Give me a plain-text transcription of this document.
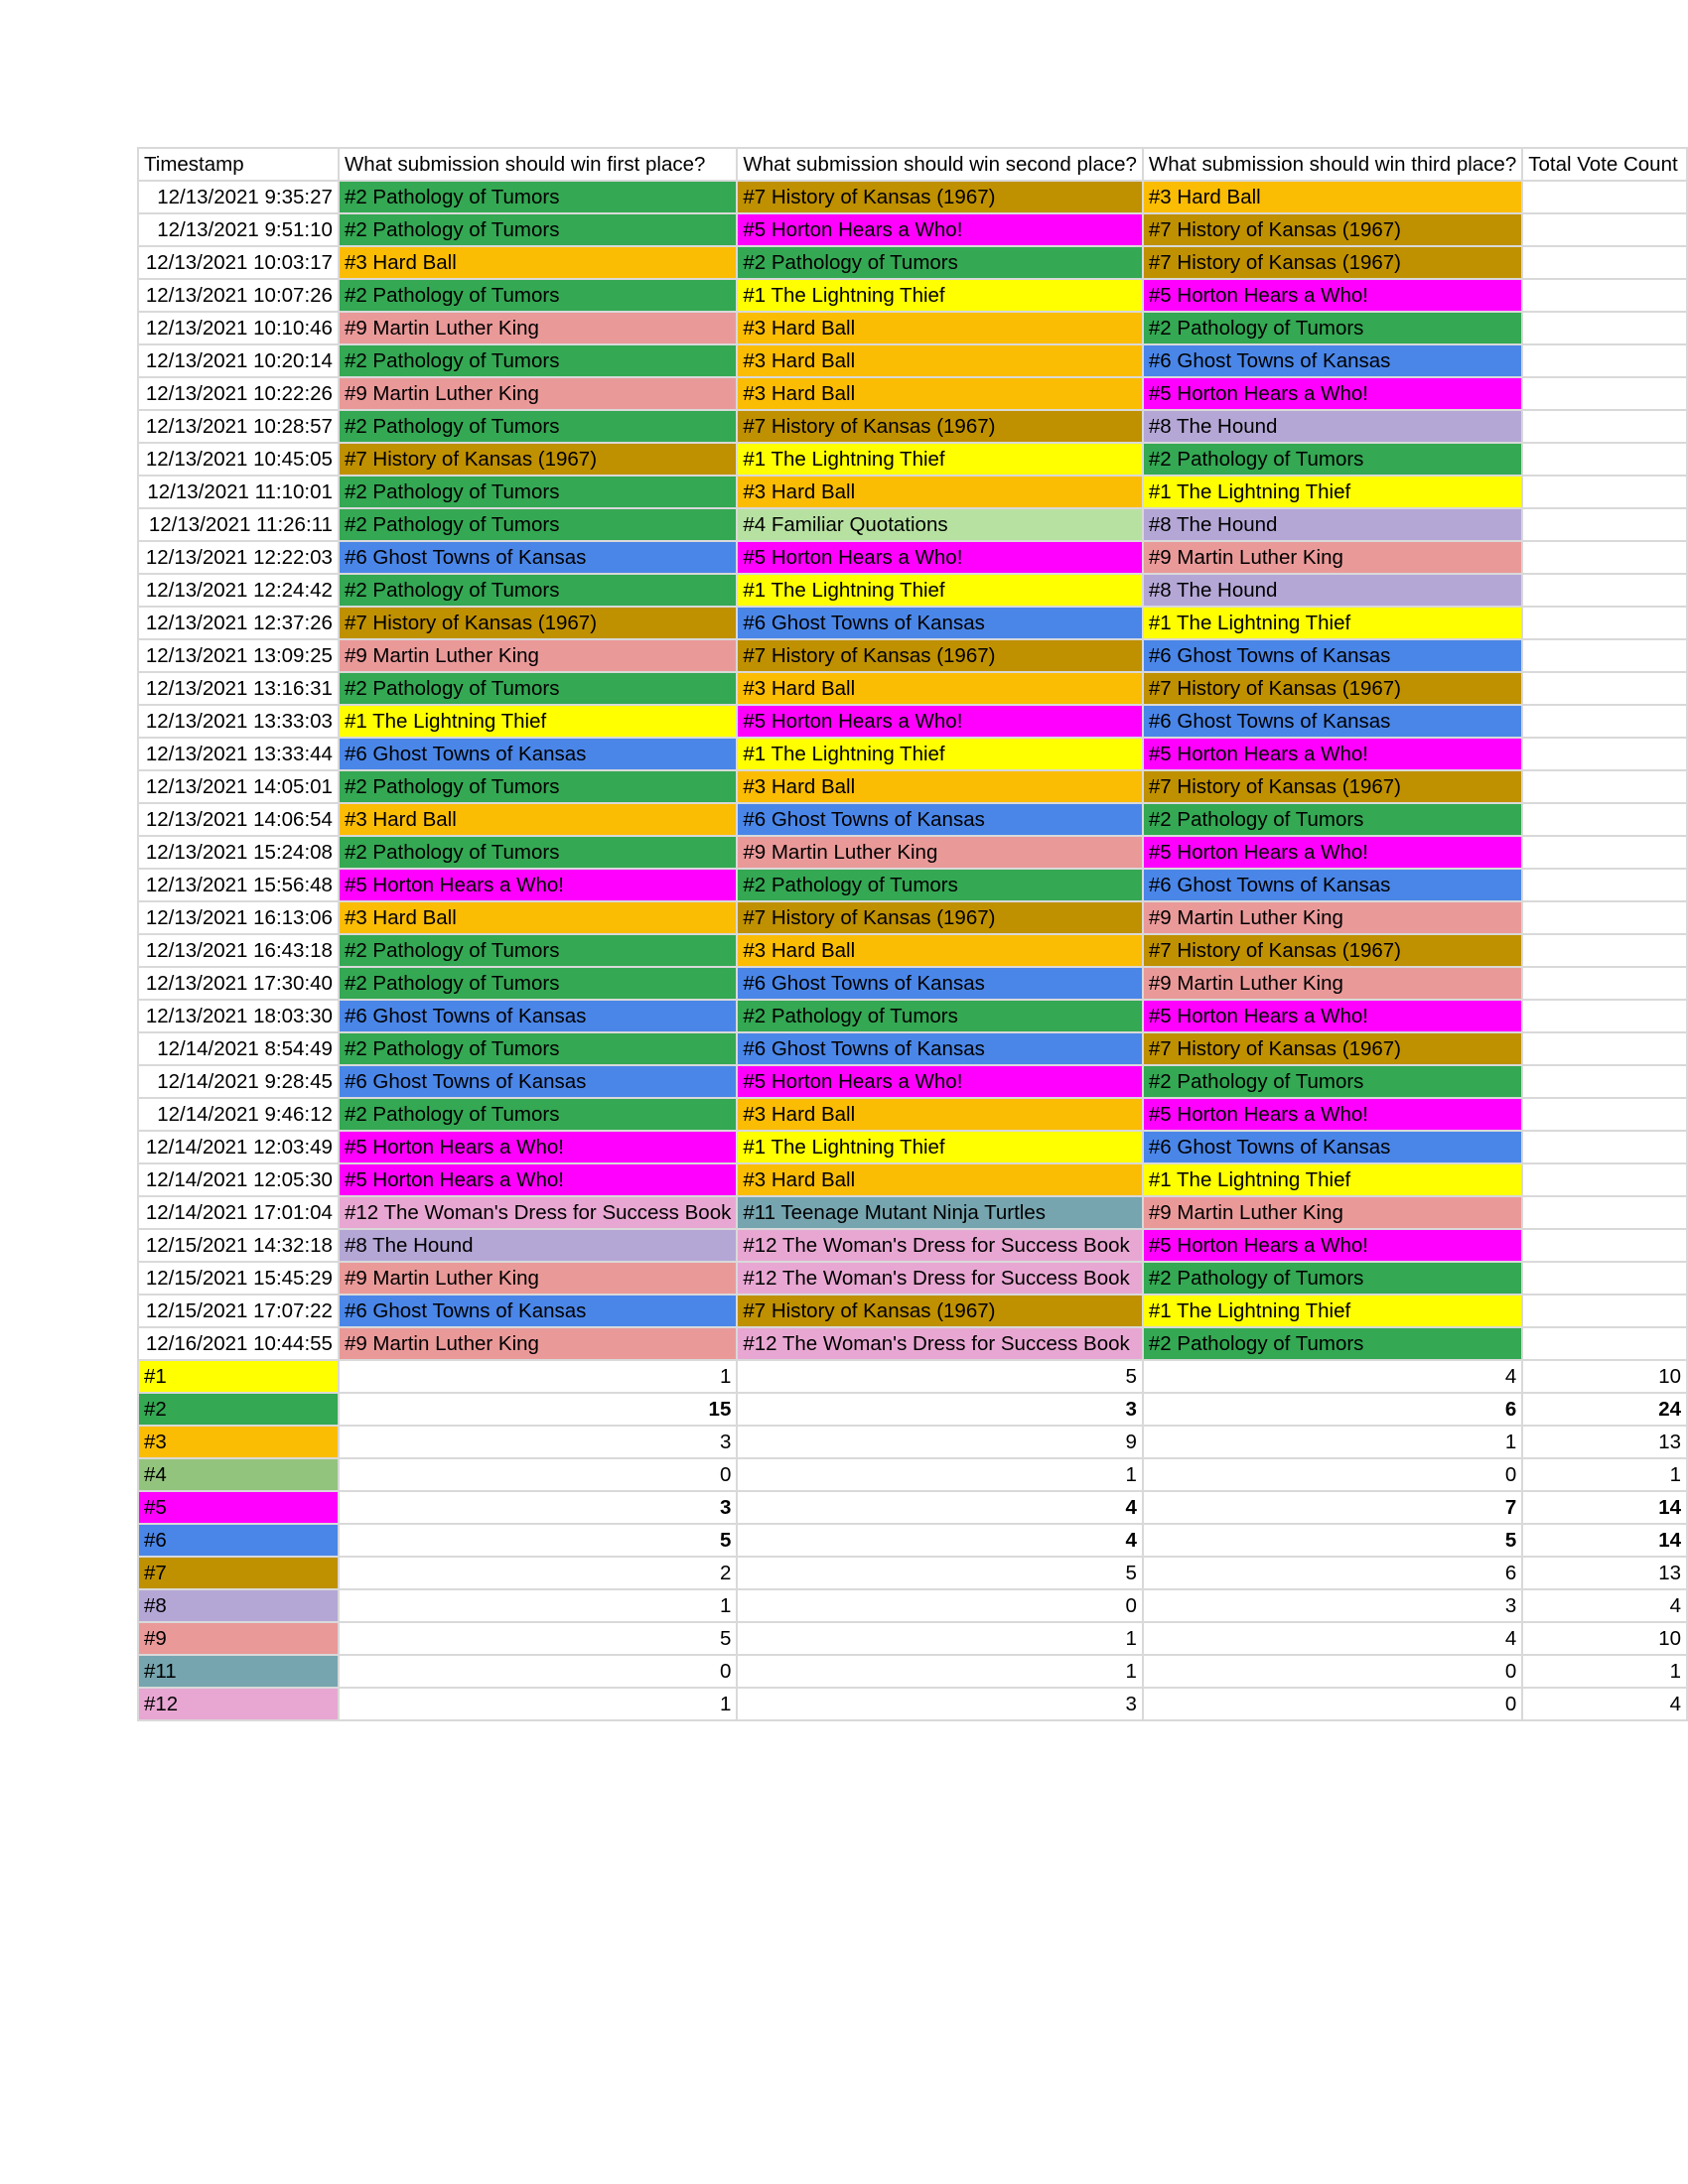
Timestamp	What submission should win first place?	What submission should win second place?	What submission should win third place?	Total Vote Count
12/13/2021 9:35:27	#2 Pathology of Tumors	#7 History of Kansas (1967)	#3 Hard Ball	
12/13/2021 9:51:10	#2 Pathology of Tumors	#5 Horton Hears a Who!	#7 History of Kansas (1967)	
12/13/2021 10:03:17	#3 Hard Ball	#2 Pathology of Tumors	#7 History of Kansas (1967)	
12/13/2021 10:07:26	#2 Pathology of Tumors	#1 The Lightning Thief	#5 Horton Hears a Who!	
12/13/2021 10:10:46	#9 Martin Luther King	#3 Hard Ball	#2 Pathology of Tumors	
12/13/2021 10:20:14	#2 Pathology of Tumors	#3 Hard Ball	#6 Ghost Towns of Kansas	
12/13/2021 10:22:26	#9 Martin Luther King	#3 Hard Ball	#5 Horton Hears a Who!	
12/13/2021 10:28:57	#2 Pathology of Tumors	#7 History of Kansas (1967)	#8 The Hound	
12/13/2021 10:45:05	#7 History of Kansas (1967)	#1 The Lightning Thief	#2 Pathology of Tumors	
12/13/2021 11:10:01	#2 Pathology of Tumors	#3 Hard Ball	#1 The Lightning Thief	
12/13/2021 11:26:11	#2 Pathology of Tumors	#4 Familiar Quotations	#8 The Hound	
12/13/2021 12:22:03	#6 Ghost Towns of Kansas	#5 Horton Hears a Who!	#9 Martin Luther King	
12/13/2021 12:24:42	#2 Pathology of Tumors	#1 The Lightning Thief	#8 The Hound	
12/13/2021 12:37:26	#7 History of Kansas (1967)	#6 Ghost Towns of Kansas	#1 The Lightning Thief	
12/13/2021 13:09:25	#9 Martin Luther King	#7 History of Kansas (1967)	#6 Ghost Towns of Kansas	
12/13/2021 13:16:31	#2 Pathology of Tumors	#3 Hard Ball	#7 History of Kansas (1967)	
12/13/2021 13:33:03	#1 The Lightning Thief	#5 Horton Hears a Who!	#6 Ghost Towns of Kansas	
12/13/2021 13:33:44	#6 Ghost Towns of Kansas	#1 The Lightning Thief	#5 Horton Hears a Who!	
12/13/2021 14:05:01	#2 Pathology of Tumors	#3 Hard Ball	#7 History of Kansas (1967)	
12/13/2021 14:06:54	#3 Hard Ball	#6 Ghost Towns of Kansas	#2 Pathology of Tumors	
12/13/2021 15:24:08	#2 Pathology of Tumors	#9 Martin Luther King	#5 Horton Hears a Who!	
12/13/2021 15:56:48	#5 Horton Hears a Who!	#2 Pathology of Tumors	#6 Ghost Towns of Kansas	
12/13/2021 16:13:06	#3 Hard Ball	#7 History of Kansas (1967)	#9 Martin Luther King	
12/13/2021 16:43:18	#2 Pathology of Tumors	#3 Hard Ball	#7 History of Kansas (1967)	
12/13/2021 17:30:40	#2 Pathology of Tumors	#6 Ghost Towns of Kansas	#9 Martin Luther King	
12/13/2021 18:03:30	#6 Ghost Towns of Kansas	#2 Pathology of Tumors	#5 Horton Hears a Who!	
12/14/2021 8:54:49	#2 Pathology of Tumors	#6 Ghost Towns of Kansas	#7 History of Kansas (1967)	
12/14/2021 9:28:45	#6 Ghost Towns of Kansas	#5 Horton Hears a Who!	#2 Pathology of Tumors	
12/14/2021 9:46:12	#2 Pathology of Tumors	#3 Hard Ball	#5 Horton Hears a Who!	
12/14/2021 12:03:49	#5 Horton Hears a Who!	#1 The Lightning Thief	#6 Ghost Towns of Kansas	
12/14/2021 12:05:30	#5 Horton Hears a Who!	#3 Hard Ball	#1 The Lightning Thief	
12/14/2021 17:01:04	#12 The Woman's Dress for Success Book	#11 Teenage Mutant Ninja Turtles	#9 Martin Luther King	
12/15/2021 14:32:18	#8 The Hound	#12 The Woman's Dress for Success Book	#5 Horton Hears a Who!	
12/15/2021 15:45:29	#9 Martin Luther King	#12 The Woman's Dress for Success Book	#2 Pathology of Tumors	
12/15/2021 17:07:22	#6 Ghost Towns of Kansas	#7 History of Kansas (1967)	#1 The Lightning Thief	
12/16/2021 10:44:55	#9 Martin Luther King	#12 The Woman's Dress for Success Book	#2 Pathology of Tumors	
#1	1	5	4	10
#2	15	3	6	24
#3	3	9	1	13
#4	0	1	0	1
#5	3	4	7	14
#6	5	4	5	14
#7	2	5	6	13
#8	1	0	3	4
#9	5	1	4	10
#11	0	1	0	1
#12	1	3	0	4
